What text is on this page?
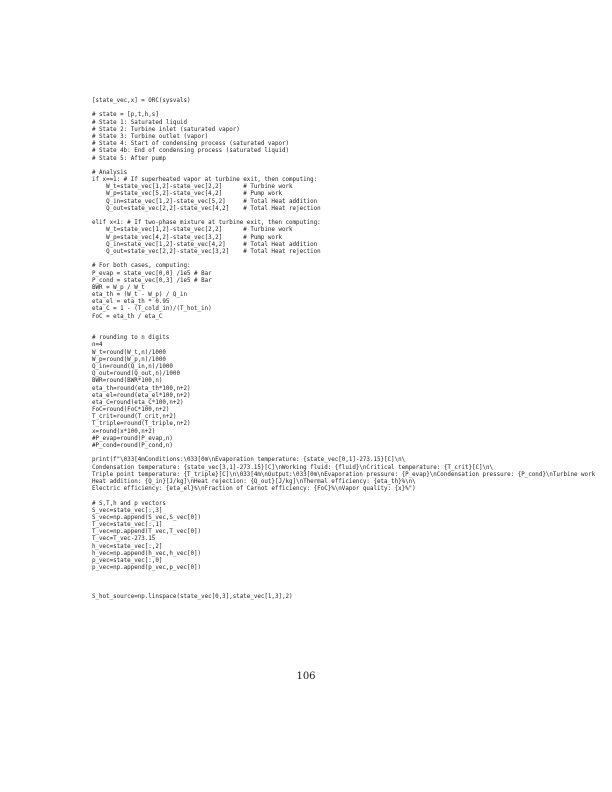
[state_vec,x] = ORC(sysvals)

# state = [p,t,h,s]
# State 1: Saturated liquid
# State 2: Turbine inlet (saturated vapor)
# State 3: Turbine outlet (vapor)
# State 4: Start of condensing process (saturated vapor)
# State 4b: End of condensing process (saturated liquid)
# State 5: After pump

# Analysis
if x==1: # If superheated vapor at turbine exit, then computing:
W_t=state_vec[1,2]-state_vec[2,2]      # Turbine work
W_p=state_vec[5,2]-state_vec[4,2]      # Pump work
Q_in=state_vec[1,2]-state_vec[5,2]     # Total Heat addition
Q_out=state_vec[2,2]-state_vec[4,2]    # Total Heat rejection

elif x<1: # If two-phase mixture at turbine exit, then computing:
W_t=state_vec[1,2]-state_vec[2,2]      # Turbine work
W_p=state_vec[4,2]-state_vec[3,2]      # Pump work
Q_in=state_vec[1,2]-state_vec[4,2]     # Total Heat addition
Q_out=state_vec[2,2]-state_vec[3,2]    # Total Heat rejection

# For both cases, computing:
P_evap = state_vec[0,0] /1e5 # Bar
P_cond = state_vec[0,3] /1e5 # Bar
BWR = W_p / W_t
eta_th = (W_t - W_p) / Q_in
eta_el = eta_th * 0.95
eta_C = 1 - (T_cold_in)/(T_hot_in)
FoC = eta_th / eta_C

# rounding to n digits
n=4
W_t=round(W_t,n)/1000
W_p=round(W_p,n)/1000
Q_in=round(Q_in,n)/1000
Q_out=round(Q_out,n)/1000
BWR=round(BWR*100,n)
eta_th=round(eta_th*100,n+2)
eta_el=round(eta_el*100,n+2)
eta_C=round(eta_C*100,n+2)
FoC=round(FoC*100,n+2)
T_crit=round(T_crit,n+2)
T_triple=round(T_triple,n+2)
x=round(x*100,n+2)
#P_evap=round(P_evap,n)
#P_cond=round(P_cond,n)

print(f"\033[4mConditions:\033[0m\nEvaporation temperature: {state_vec[0,1]-273.15}[C]\n\
Condensation temperature: {state_vec[3,1]-273.15}[C]\nWorking fluid: {fluid}\nCritical temperature: {T_crit}[C]\n\
Triple point temperature: {T_triple}[C]\n\033[4m\nOutput:\033[0m\nEvaporation pressure: {P_evap}\nCondensation pressure: {P_cond}\nTurbine work
Heat addition: {Q_in}[J/kg]\nHeat rejection: {Q_out}[J/kg]\nThermal efficiency: {eta_th}%\n\
Electric efficiency: {eta_el}%\nFraction of Carnot efficiency: {FoC}%\nVapor quality: {x}%")

# S,T,h and p vectors
S_vec=state_vec[:,3]
S_vec=np.append(S_vec,S_vec[0])
T_vec=state_vec[:,1]
T_vec=np.append(T_vec,T_vec[0])
T_vec=T_vec-273.15
h_vec=state_vec[:,2]
h_vec=np.append(h_vec,h_vec[0])
p_vec=state_vec[:,0]
p_vec=np.append(p_vec,p_vec[0])

S_hot_source=np.linspace(state_vec[0,3],state_vec[1,3],2)
106
